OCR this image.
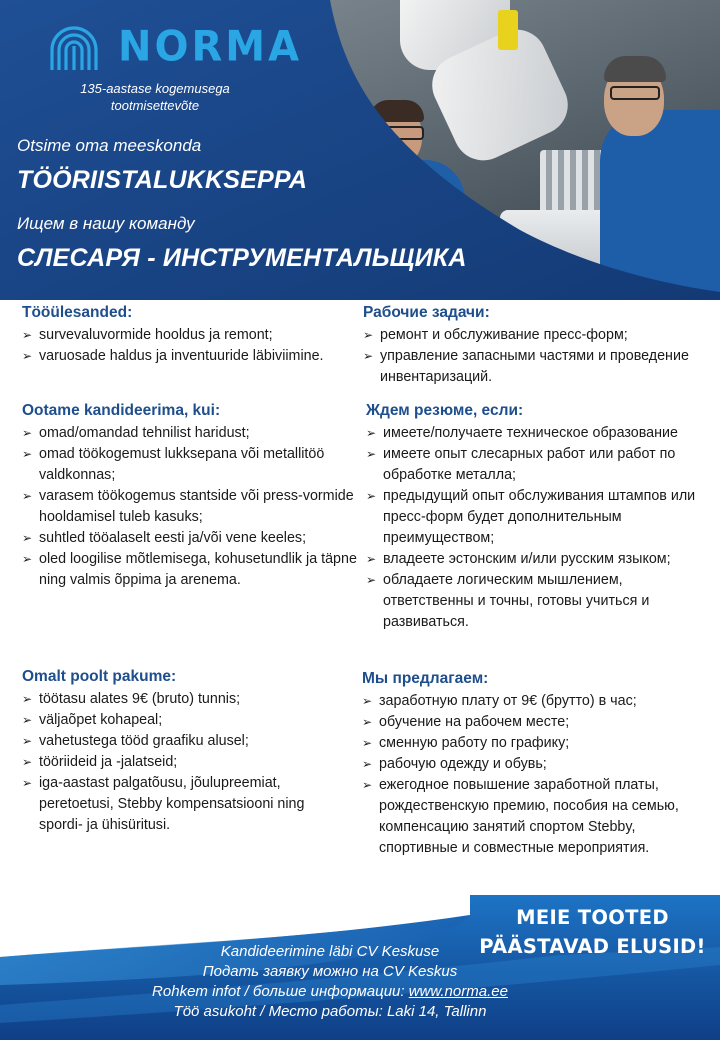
NORMA
135-aastase kogemusega
tootmisettevõte
Otsime oma meeskonda
TÖÖRIISTALUKKSEPPA
Ищем в нашу команду
СЛЕСАРЯ - ИНСТРУМЕНТАЛЬЩИКА
Tööülesanded:
➢ survevaluvormide hooldus ja remont;
➢ varuosade haldus ja inventuuride läbiviimine.
Рабочие задачи:
➢ ремонт и обслуживание пресс-форм;
➢ управление запасными частями и проведение инвентаризаций.
Ootame kandideerima, kui:
➢ omad/omandad tehnilist haridust;
➢ omad töökogemust lukksepana või metallitöö valdkonnas;
➢ varasem töökogemus stantside või press-vormide hooldamisel tuleb kasuks;
➢ suhtled tööalaselt eesti ja/või vene keeles;
➢ oled loogilise mõtlemisega, kohusetundlik ja täpne ning valmis õppima ja arenema.
Ждем резюме, если:
➢ имеете/получаете техническое образование
➢ имеете опыт слесарных работ или работ по обработке металла;
➢ предыдущий опыт обслуживания штампов или пресс-форм будет дополнительным преимуществом;
➢ владеете эстонским и/или русским языком;
➢ обладаете логическим мышлением, ответственны и точны, готовы учиться и развиваться.
Omalt poolt pakume:
➢ töötasu alates 9€ (bruto) tunnis;
➢ väljaõpet kohapeal;
➢ vahetustega tööd graafiku alusel;
➢ tööriideid ja -jalatseid;
➢ iga-aastast palgatõusu, jõulupreemiat, peretoetusi, Stebby kompensatsiooni ning spordi- ja ühisüritusi.
Мы предлагаем:
➢ заработную плату от 9€ (брутто) в час;
➢ обучение на рабочем месте;
➢ сменную работу по графику;
➢ рабочую одежду и обувь;
➢ ежегодное повышение заработной платы, рождественскую премию, пособия на семью, компенсацию занятий спортом Stebby, спортивные и совместные мероприятия.
MEIE TOOTED
PÄÄSTAVAD ELUSID!
Kandideerimine läbi CV Keskuse
Подать заявку можно на CV Keskus
Rohkem infot / больше информации: www.norma.ee
Töö asukoht / Место работы: Laki 14, Tallinn
